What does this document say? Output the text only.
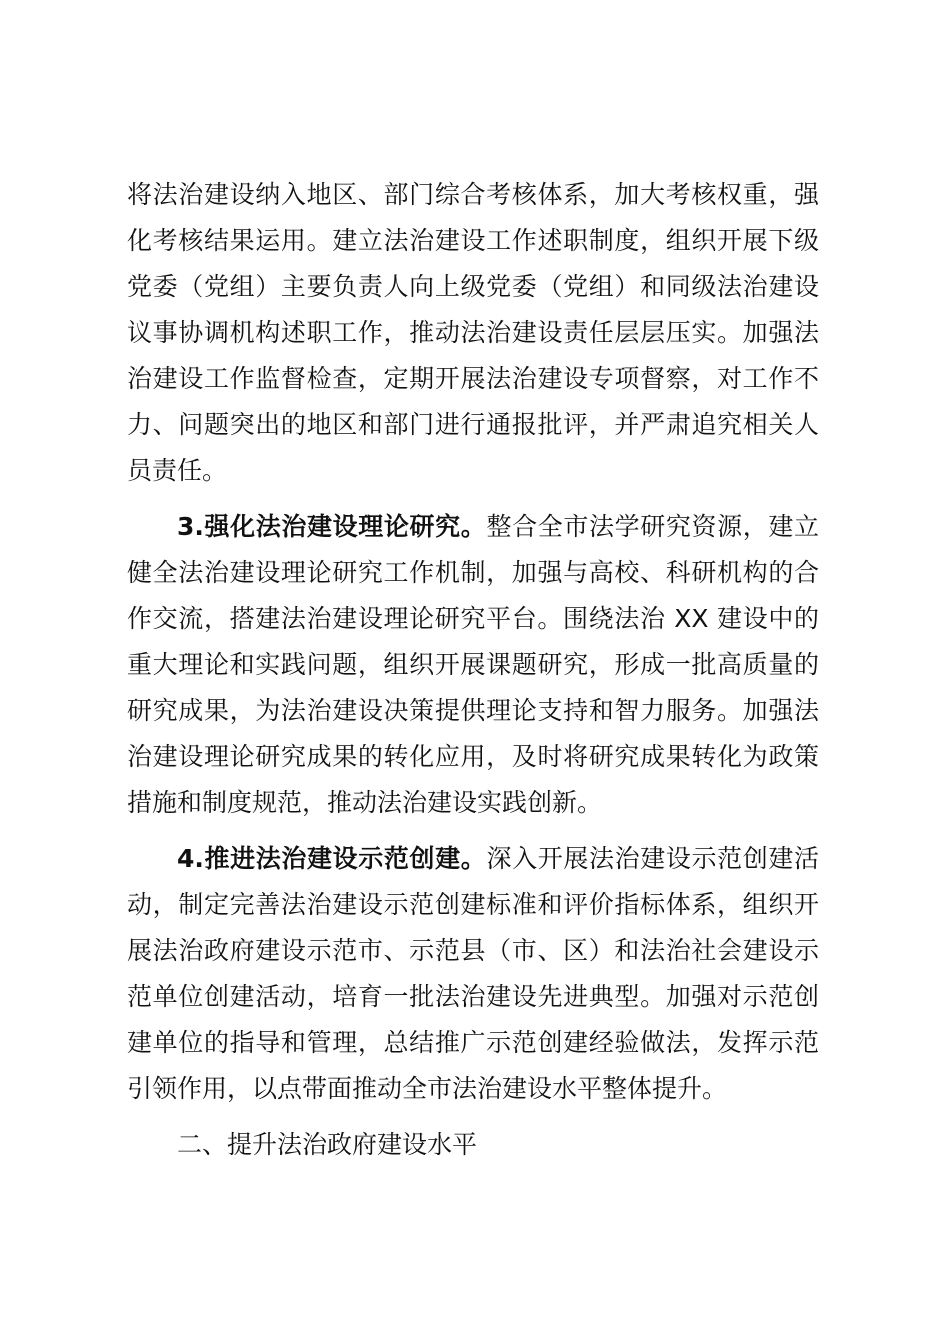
将法治建设纳入地区、部门综合考核体系，加大考核权重，强
化考核结果运用。建立法治建设工作述职制度，组织开展下级
党委（党组）主要负责人向上级党委（党组）和同级法治建设
议事协调机构述职工作，推动法治建设责任层层压实。加强法
治建设工作监督检查，定期开展法治建设专项督察，对工作不
力、问题突出的地区和部门进行通报批评，并严肃追究相关人
员责任。
3.强化法治建设理论研究。整合全市法学研究资源，建立
健全法治建设理论研究工作机制，加强与高校、科研机构的合
作交流，搭建法治建设理论研究平台。围绕法治 XX 建设中的
重大理论和实践问题，组织开展课题研究，形成一批高质量的
研究成果，为法治建设决策提供理论支持和智力服务。加强法
治建设理论研究成果的转化应用，及时将研究成果转化为政策
措施和制度规范，推动法治建设实践创新。
4.推进法治建设示范创建。深入开展法治建设示范创建活
动，制定完善法治建设示范创建标准和评价指标体系，组织开
展法治政府建设示范市、示范县（市、区）和法治社会建设示
范单位创建活动，培育一批法治建设先进典型。加强对示范创
建单位的指导和管理，总结推广示范创建经验做法，发挥示范
引领作用，以点带面推动全市法治建设水平整体提升。
二、提升法治政府建设水平
